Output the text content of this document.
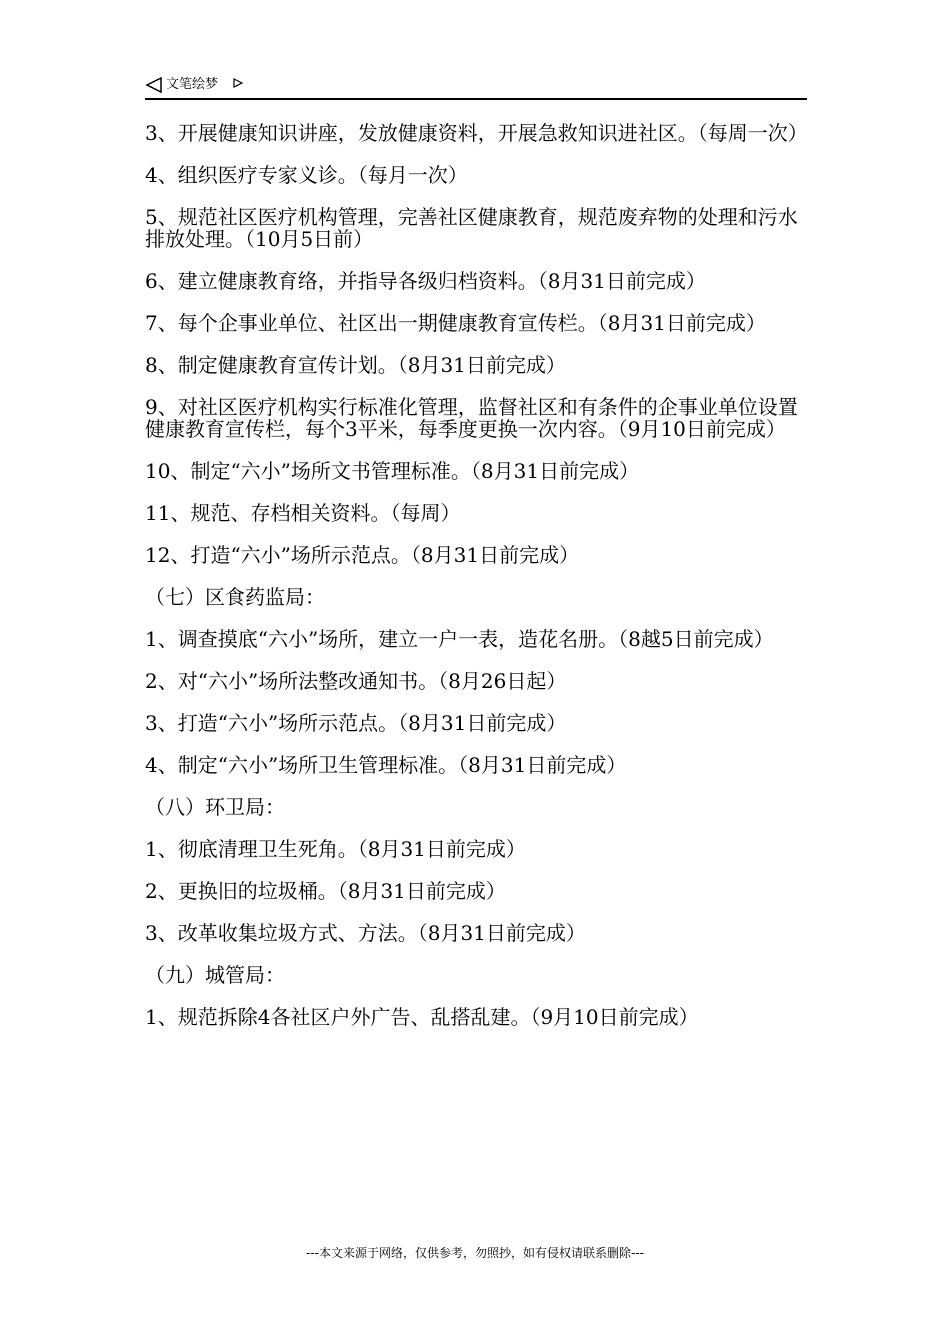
文笔绘梦

3、开展健康知识讲座，发放健康资料，开展急救知识进社区。（每周一次）

4、组织医疗专家义诊。（每月一次）

5、规范社区医疗机构管理，完善社区健康教育，规范废弃物的处理和污水排放处理。（10月5日前）

6、建立健康教育络，并指导各级归档资料。（8月31日前完成）

7、每个企事业单位、社区出一期健康教育宣传栏。（8月31日前完成）

8、制定健康教育宣传计划。（8月31日前完成）

9、对社区医疗机构实行标准化管理，监督社区和有条件的企事业单位设置健康教育宣传栏，每个3平米，每季度更换一次内容。（9月10日前完成）

10、制定“六小”场所文书管理标准。（8月31日前完成）

11、规范、存档相关资料。（每周）

12、打造“六小”场所示范点。（8月31日前完成）

（七）区食药监局：

1、调查摸底“六小”场所，建立一户一表，造花名册。（8越5日前完成）

2、对“六小”场所法整改通知书。（8月26日起）

3、打造“六小”场所示范点。（8月31日前完成）

4、制定“六小”场所卫生管理标准。（8月31日前完成）

（八）环卫局：

1、彻底清理卫生死角。（8月31日前完成）

2、更换旧的垃圾桶。（8月31日前完成）

3、改革收集垃圾方式、方法。（8月31日前完成）

（九）城管局：

1、规范拆除4各社区户外广告、乱搭乱建。（9月10日前完成）

---本文来源于网络，仅供参考，勿照抄，如有侵权请联系删除---
